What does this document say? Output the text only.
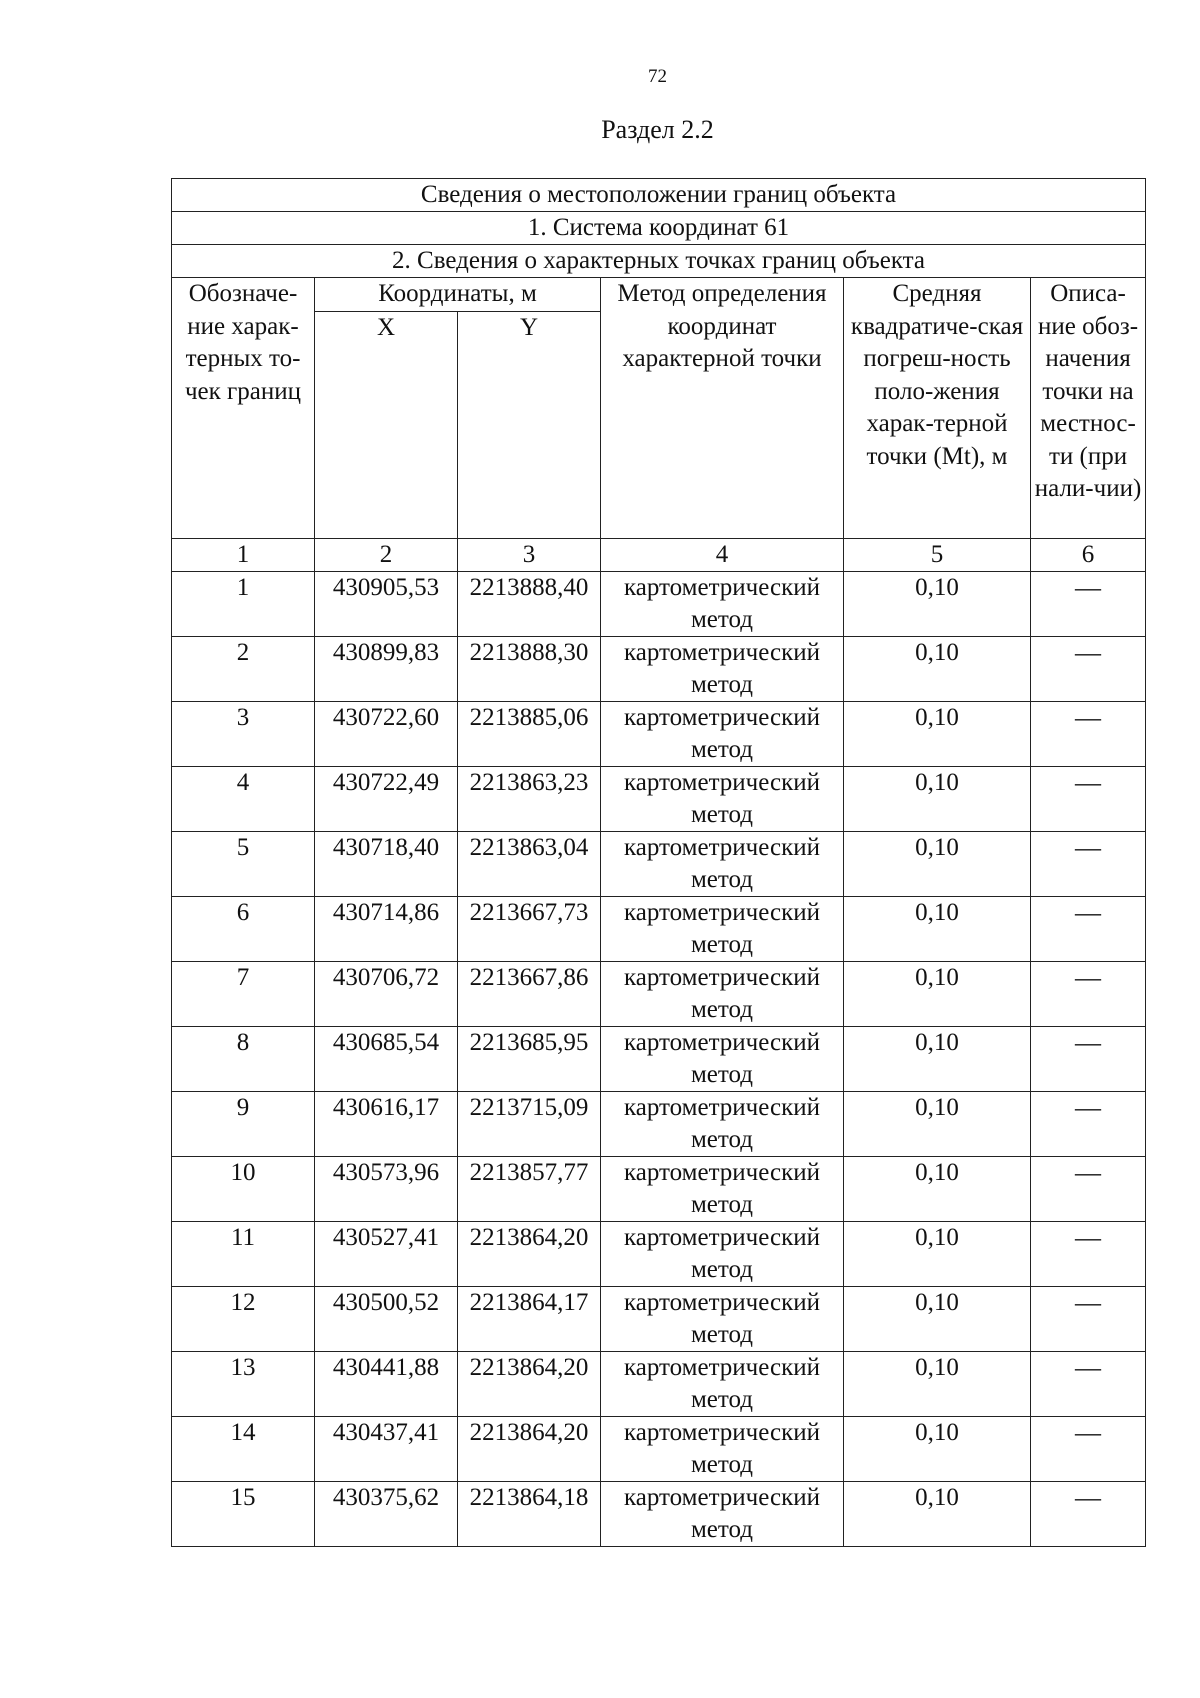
72
Раздел 2.2
Сведения о местоположении границ объекта					
1. Система координат 61					
2. Сведения о характерных точках границ объекта					
Обозначе-ние харак-терных то-чек границ	Координаты, м		Метод определения координат характерной точки	Средняя квадратиче-ская погреш-ность поло-жения харак-терной точки (Mt), м	Описа-ние обоз-начения точки на местнос-ти (при нали-чии)
	X	Y			
1	2	3	4	5	6
1	430905,53	2213888,40	картометрический метод	0,10	—
2	430899,83	2213888,30	картометрический метод	0,10	—
3	430722,60	2213885,06	картометрический метод	0,10	—
4	430722,49	2213863,23	картометрический метод	0,10	—
5	430718,40	2213863,04	картометрический метод	0,10	—
6	430714,86	2213667,73	картометрический метод	0,10	—
7	430706,72	2213667,86	картометрический метод	0,10	—
8	430685,54	2213685,95	картометрический метод	0,10	—
9	430616,17	2213715,09	картометрический метод	0,10	—
10	430573,96	2213857,77	картометрический метод	0,10	—
11	430527,41	2213864,20	картометрический метод	0,10	—
12	430500,52	2213864,17	картометрический метод	0,10	—
13	430441,88	2213864,20	картометрический метод	0,10	—
14	430437,41	2213864,20	картометрический метод	0,10	—
15	430375,62	2213864,18	картометрический метод	0,10	—
